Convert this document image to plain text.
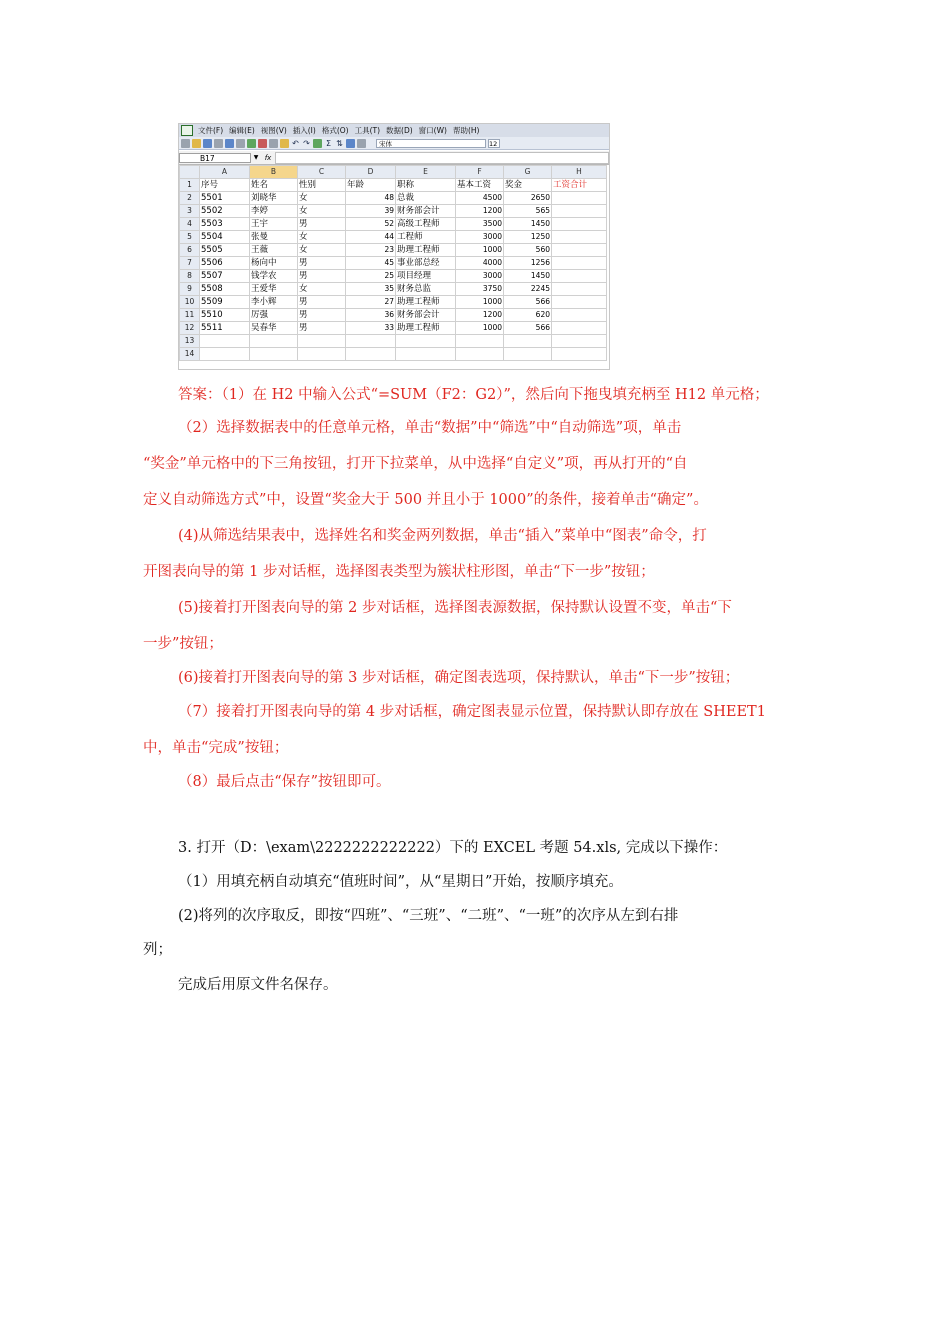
文件(F) 编辑(E) 视图(V) 插入(I) 格式(O) 工具(T) 数据(D) 窗口(W) 帮助(H)
↶ ↷ Σ ⇅	宋体	12
B17	▼ fx
	A	B	C	D	E	F	G	H
1	序号	姓名	性别	年龄	职称	基本工资	奖金	工资合计
2	5501	刘晓华	女	48	总裁	4500	2650	
3	5502	李婷	女	39	财务部会计	1200	565	
4	5503	王宇	男	52	高级工程师	3500	1450	
5	5504	张曼	女	44	工程师	3000	1250	
6	5505	王薇	女	23	助理工程师	1000	560	
7	5506	杨向中	男	45	事业部总经	4000	1256	
8	5507	钱学农	男	25	项目经理	3000	1450	
9	5508	王爱华	女	35	财务总监	3750	2245	
10	5509	李小辉	男	27	助理工程师	1000	566	
11	5510	厉强	男	36	财务部会计	1200	620	
12	5511	吴春华	男	33	助理工程师	1000	566	
13								
14								
答案：（1）在 H2 中输入公式“=SUM（F2：G2）”，然后向下拖曳填充柄至 H12 单元格；
（2）选择数据表中的任意单元格，单击“数据”中“筛选”中“自动筛选”项，单击
“奖金”单元格中的下三角按钮，打开下拉菜单，从中选择“自定义”项，再从打开的“自
定义自动筛选方式”中，设置“奖金大于 500 并且小于 1000”的条件，接着单击“确定”。
(4)从筛选结果表中，选择姓名和奖金两列数据，单击“插入”菜单中“图表”命令，打
开图表向导的第 1 步对话框，选择图表类型为簇状柱形图，单击“下一步”按钮；
(5)接着打开图表向导的第 2 步对话框，选择图表源数据，保持默认设置不变，单击“下
一步”按钮；
(6)接着打开图表向导的第 3 步对话框，确定图表选项，保持默认，单击“下一步”按钮；
（7）接着打开图表向导的第 4 步对话框，确定图表显示位置，保持默认即存放在 SHEET1
中，单击“完成”按钮；
（8）最后点击“保存”按钮即可。
3. 打开（D：\exam\2222222222222）下的 EXCEL 考题 54.xls, 完成以下操作：
（1）用填充柄自动填充“值班时间”，从“星期日”开始，按顺序填充。
(2)将列的次序取反，即按“四班”、“三班”、“二班”、“一班”的次序从左到右排
列；
完成后用原文件名保存。
